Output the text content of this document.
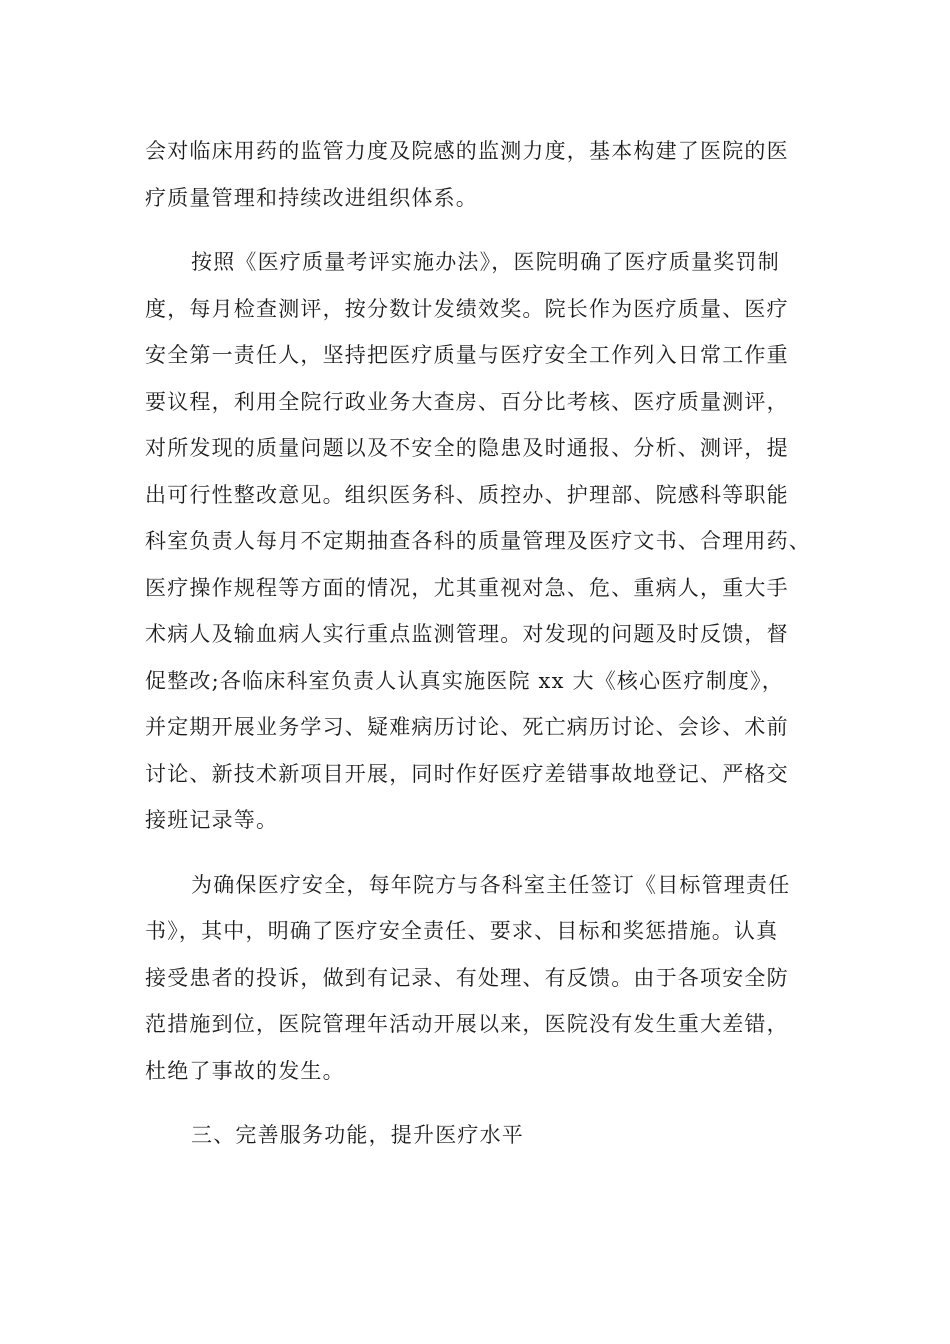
会对临床用药的监管力度及院感的监测力度，基本构建了医院的医
疗质量管理和持续改进组织体系。
按照《医疗质量考评实施办法》，医院明确了医疗质量奖罚制
度，每月检查测评，按分数计发绩效奖。院长作为医疗质量、医疗
安全第一责任人，坚持把医疗质量与医疗安全工作列入日常工作重
要议程，利用全院行政业务大查房、百分比考核、医疗质量测评，
对所发现的质量问题以及不安全的隐患及时通报、分析、测评，提
出可行性整改意见。组织医务科、质控办、护理部、院感科等职能
科室负责人每月不定期抽查各科的质量管理及医疗文书、合理用药、
医疗操作规程等方面的情况，尤其重视对急、危、重病人，重大手
术病人及输血病人实行重点监测管理。对发现的问题及时反馈，督
促整改;各临床科室负责人认真实施医院 xx 大《核心医疗制度》，
并定期开展业务学习、疑难病历讨论、死亡病历讨论、会诊、术前
讨论、新技术新项目开展，同时作好医疗差错事故地登记、严格交
接班记录等。
为确保医疗安全，每年院方与各科室主任签订《目标管理责任
书》，其中，明确了医疗安全责任、要求、目标和奖惩措施。认真
接受患者的投诉，做到有记录、有处理、有反馈。由于各项安全防
范措施到位，医院管理年活动开展以来，医院没有发生重大差错，
杜绝了事故的发生。
三、完善服务功能，提升医疗水平
